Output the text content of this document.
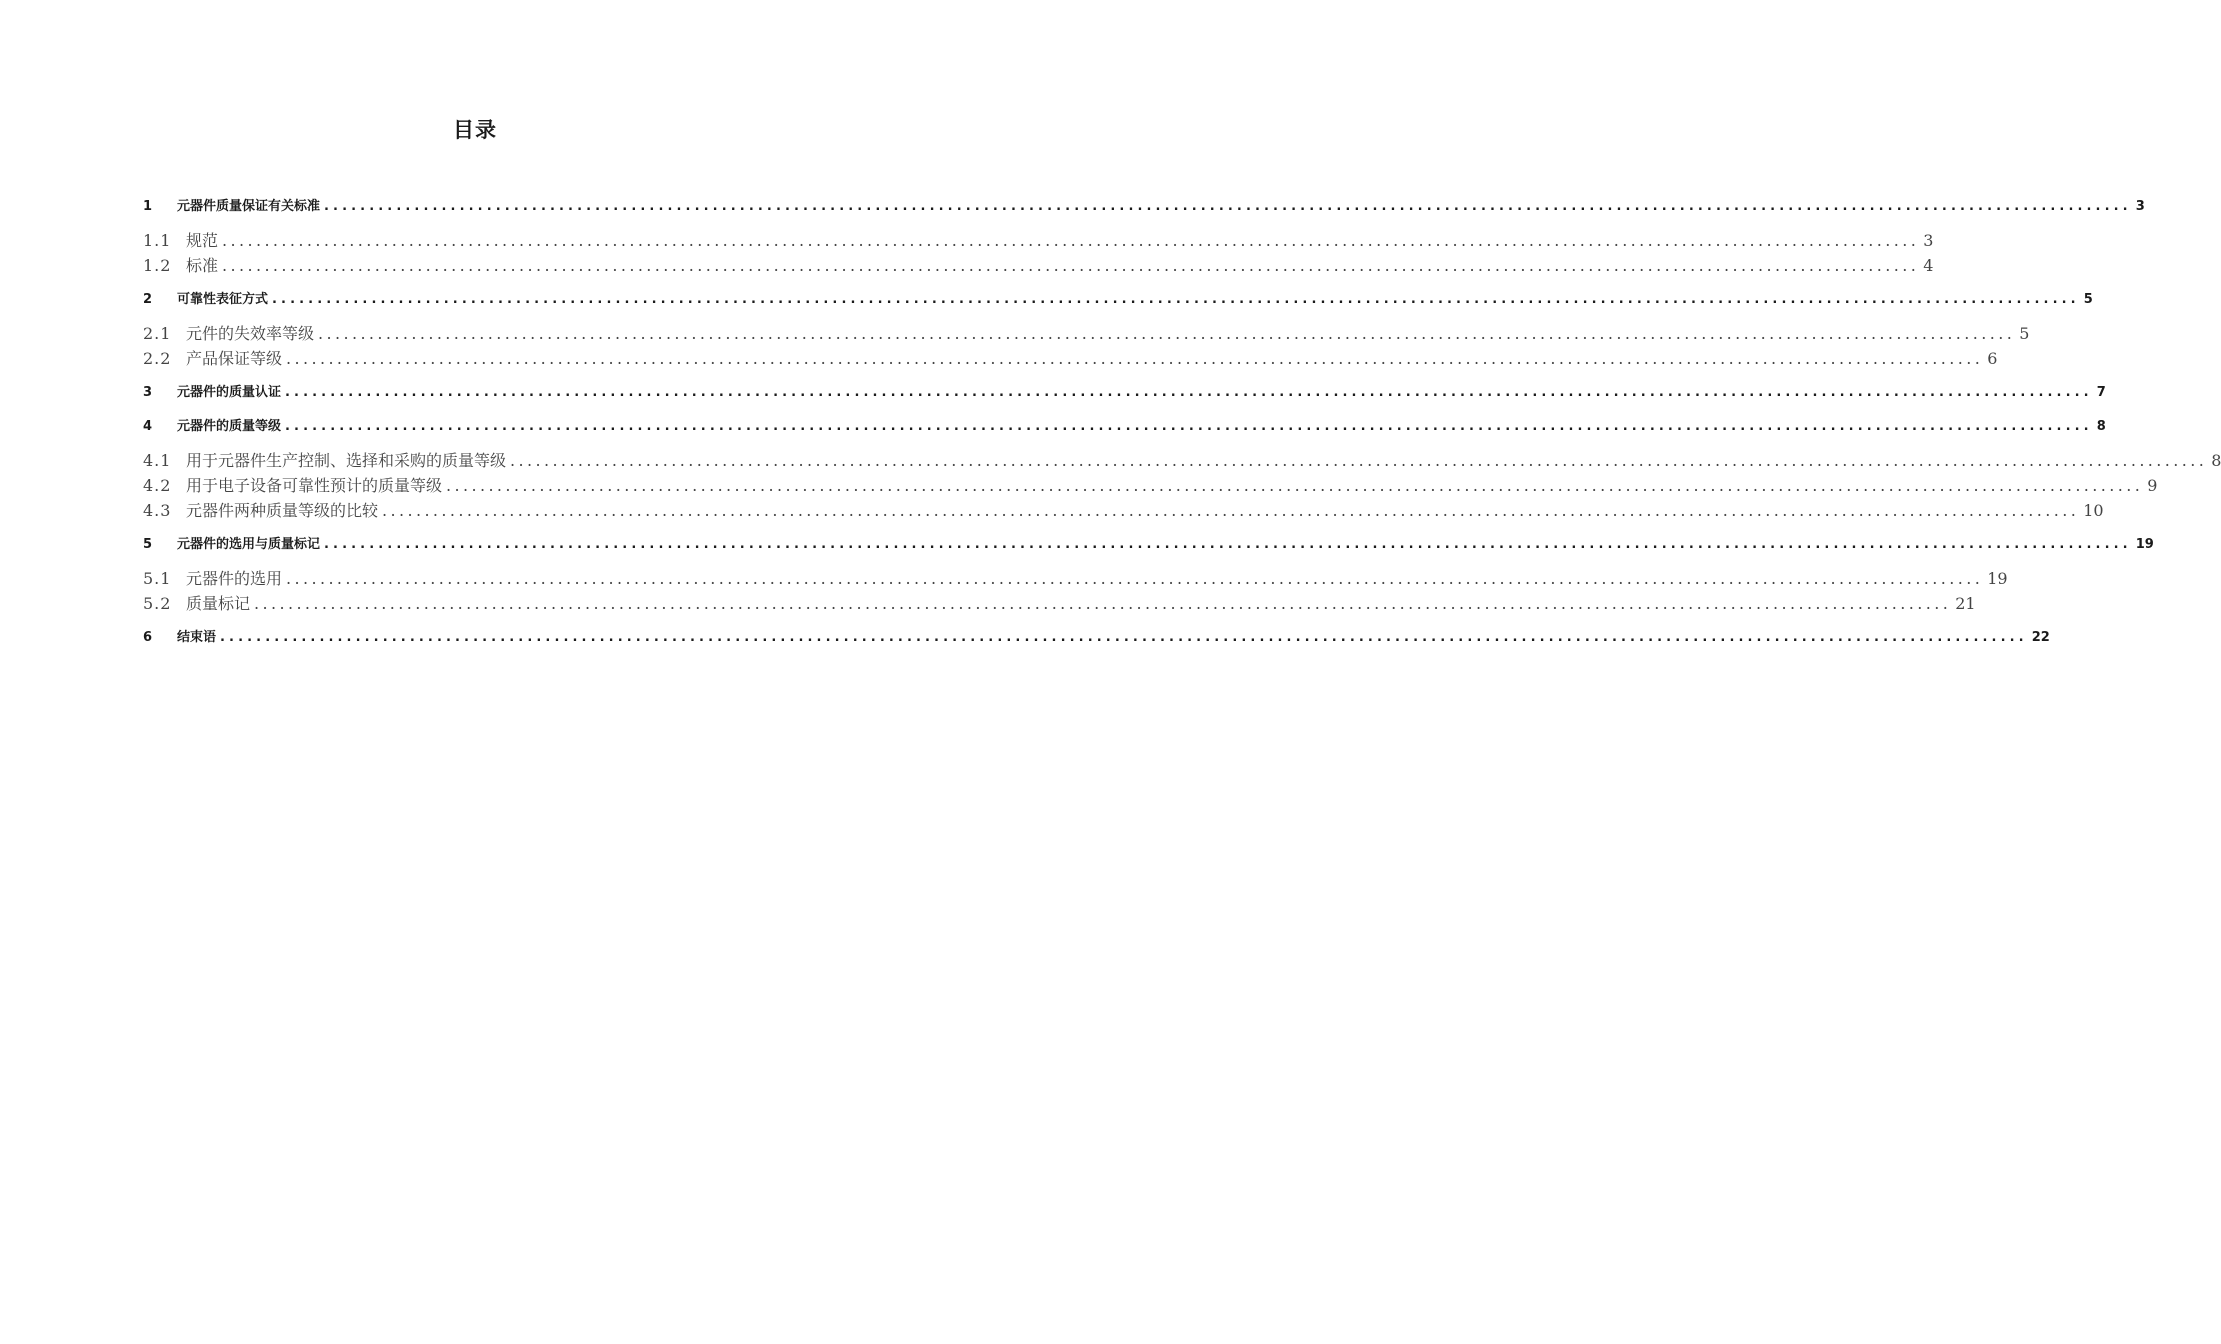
目录
1	元器件质量保证有关标准 ........................................................................................................................................................................................................ 3
1.1 规范 ........................................................................................................................................................................................................ 3
1.2 标准 ........................................................................................................................................................................................................ 4
2	可靠性表征方式 ........................................................................................................................................................................................................ 5
2.1 元件的失效率等级 ........................................................................................................................................................................................................ 5
2.2 产品保证等级 ........................................................................................................................................................................................................ 6
3	元器件的质量认证 ........................................................................................................................................................................................................ 7
4	元器件的质量等级 ........................................................................................................................................................................................................ 8
4.1 用于元器件生产控制、选择和采购的质量等级 ........................................................................................................................................................................................................ 8
4.2 用于电子设备可靠性预计的质量等级 ........................................................................................................................................................................................................ 9
4.3 元器件两种质量等级的比较 ........................................................................................................................................................................................................ 10
5	元器件的选用与质量标记 ........................................................................................................................................................................................................ 19
5.1 元器件的选用 ........................................................................................................................................................................................................ 19
5.2 质量标记 ........................................................................................................................................................................................................ 21
6	结束语 ........................................................................................................................................................................................................ 22
